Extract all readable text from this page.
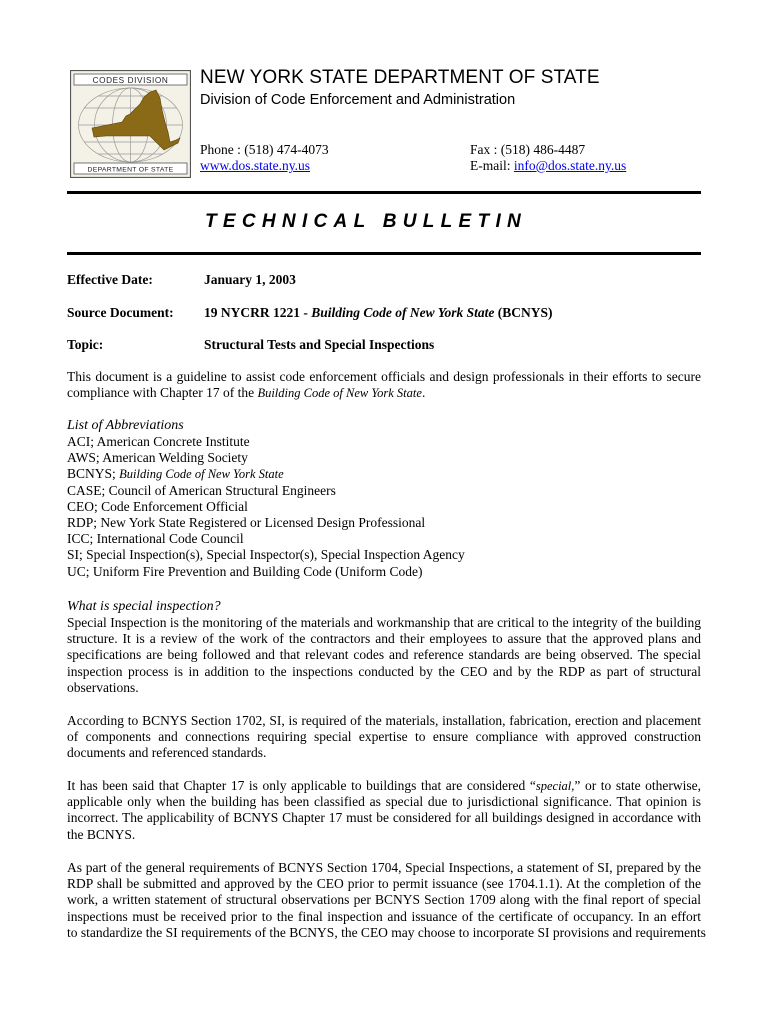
CODES DIVISION
DEPARTMENT OF STATE
NEW YORK STATE DEPARTMENT OF STATE
Division of Code Enforcement and Administration
Phone : (518) 474-4073
www.dos.state.ny.us
Fax : (518) 486-4487
E-mail: info@dos.state.ny.us
TECHNICAL BULLETIN
Effective Date:	January 1, 2003
Source Document: 19 NYCRR 1221 - Building Code of New York State (BCNYS)
Topic:	Structural Tests and Special Inspections
This document is a guideline to assist code enforcement officials and design professionals in their efforts to secure
compliance with Chapter 17 of the Building Code of New York State.
List of Abbreviations
ACI; American Concrete Institute
AWS; American Welding Society
BCNYS; Building Code of New York State
CASE; Council of American Structural Engineers
CEO; Code Enforcement Official
RDP; New York State Registered or Licensed Design Professional
ICC; International Code Council
SI; Special Inspection(s), Special Inspector(s), Special Inspection Agency
UC; Uniform Fire Prevention and Building Code (Uniform Code)
What is special inspection?
Special Inspection is the monitoring of the materials and workmanship that are critical to the integrity of the building
structure. It is a review of the work of the contractors and their employees to assure that the approved plans and
specifications are being followed and that relevant codes and reference standards are being observed. The special
inspection process is in addition to the inspections conducted by the CEO and by the RDP as part of structural
observations.
According to BCNYS Section 1702, SI, is required of the materials, installation, fabrication, erection and placement
of components and connections requiring special expertise to ensure compliance with approved construction
documents and referenced standards.
It has been said that Chapter 17 is only applicable to buildings that are considered “special,” or to state otherwise,
applicable only when the building has been classified as special due to jurisdictional significance. That opinion is
incorrect. The applicability of BCNYS Chapter 17 must be considered for all buildings designed in accordance with
the BCNYS.
As part of the general requirements of BCNYS Section 1704, Special Inspections, a statement of SI, prepared by the
RDP shall be submitted and approved by the CEO prior to permit issuance (see 1704.1.1). At the completion of the
work, a written statement of structural observations per BCNYS Section 1709 along with the final report of special
inspections must be received prior to the final inspection and issuance of the certificate of occupancy. In an effort
to standardize the SI requirements of the BCNYS, the CEO may choose to incorporate SI provisions and requirements
